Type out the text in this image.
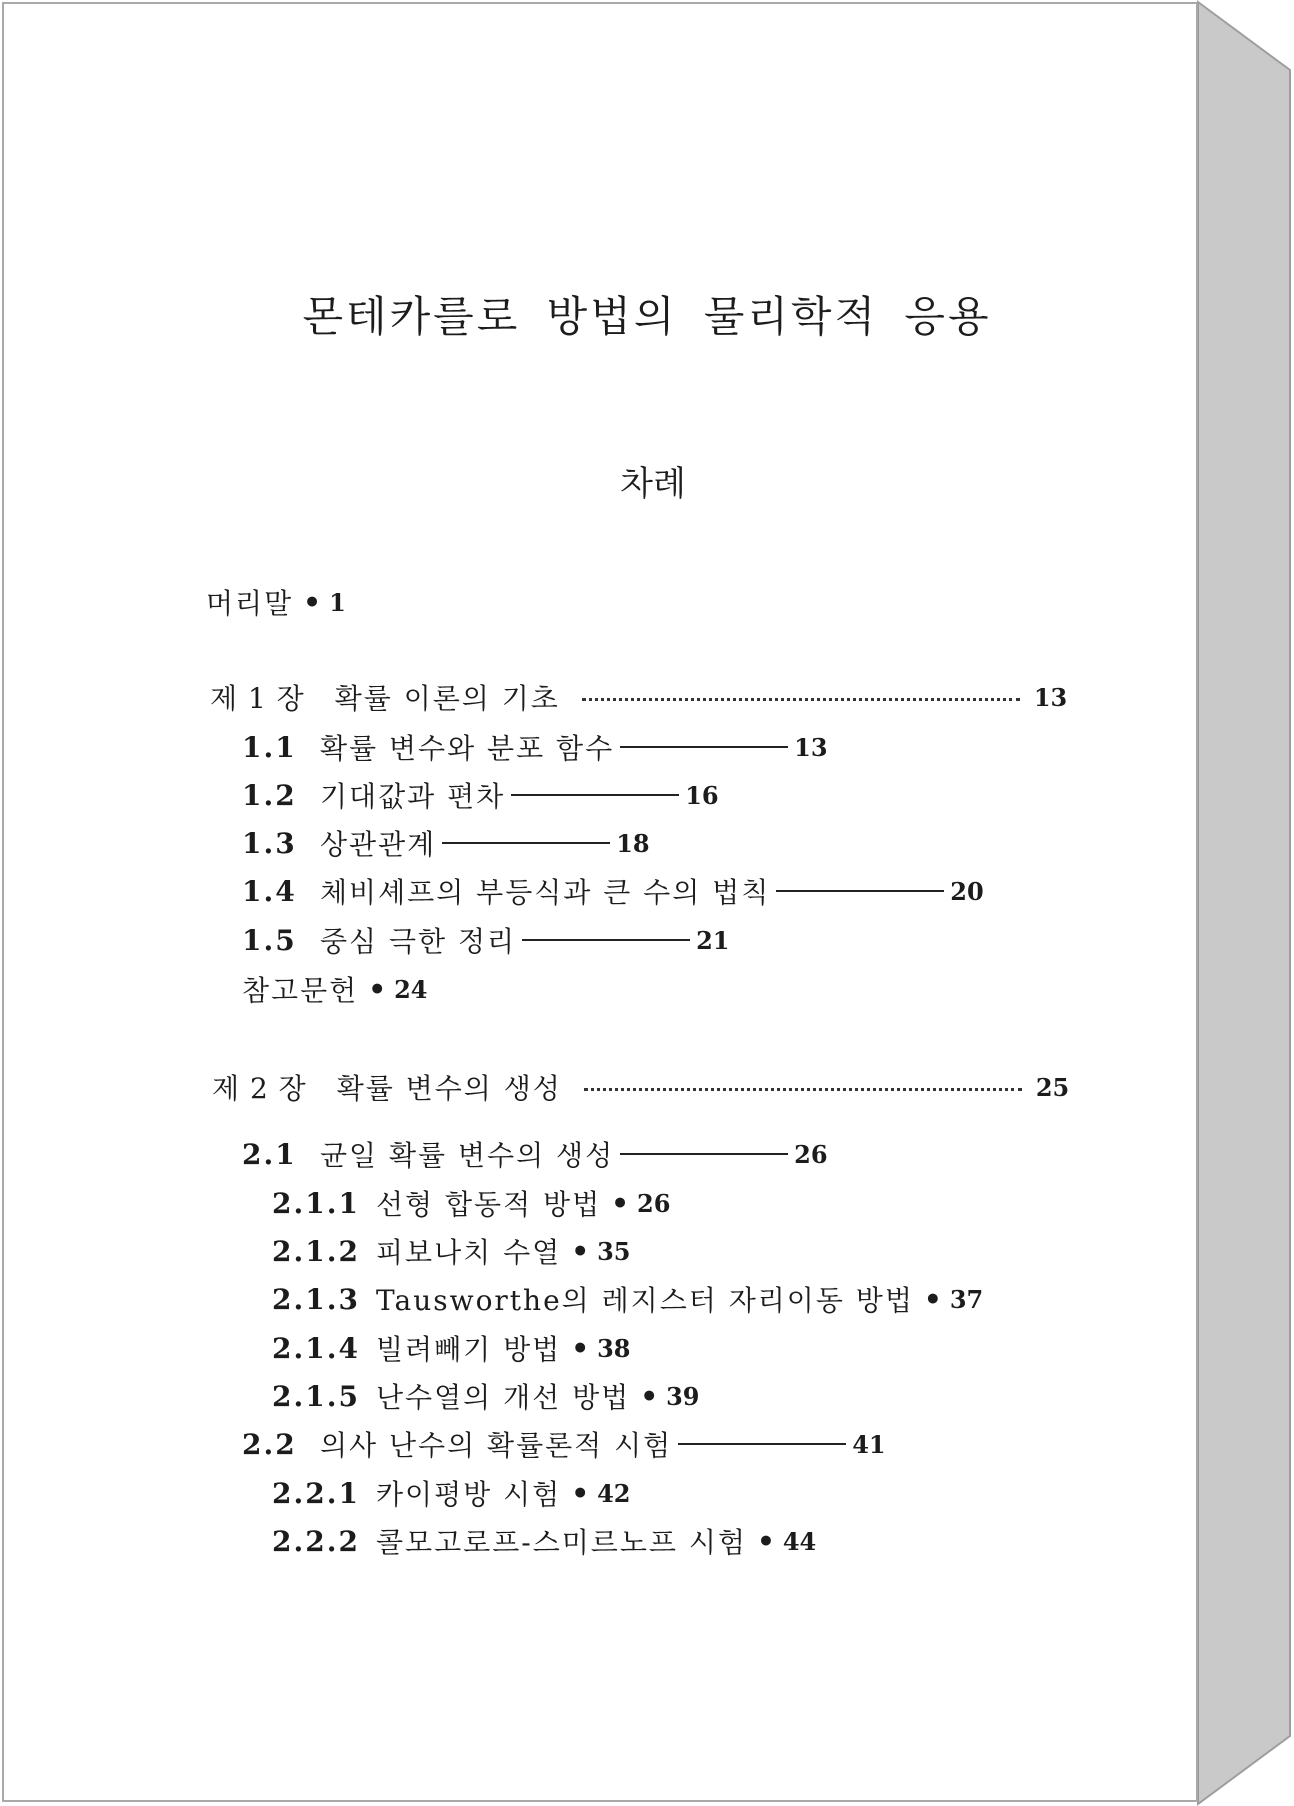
몬테카를로 방법의 물리학적 응용
차례
머리말 • 1
제 1 장 확률 이론의 기초	13
1.1 확률 변수와 분포 함수	13
1.2 기대값과 편차	16
1.3 상관관계	18
1.4 체비셰프의 부등식과 큰 수의 법칙	20
1.5 중심 극한 정리	21
참고문헌 • 24
제 2 장 확률 변수의 생성	25
2.1 균일 확률 변수의 생성	26
2.1.1 선형 합동적 방법 • 26
2.1.2 피보나치 수열 • 35
2.1.3 Tausworthe의 레지스터 자리이동 방법 • 37
2.1.4 빌려빼기 방법 • 38
2.1.5 난수열의 개선 방법 • 39
2.2 의사 난수의 확률론적 시험	41
2.2.1 카이평방 시험 • 42
2.2.2 콜모고로프-스미르노프 시험 • 44
